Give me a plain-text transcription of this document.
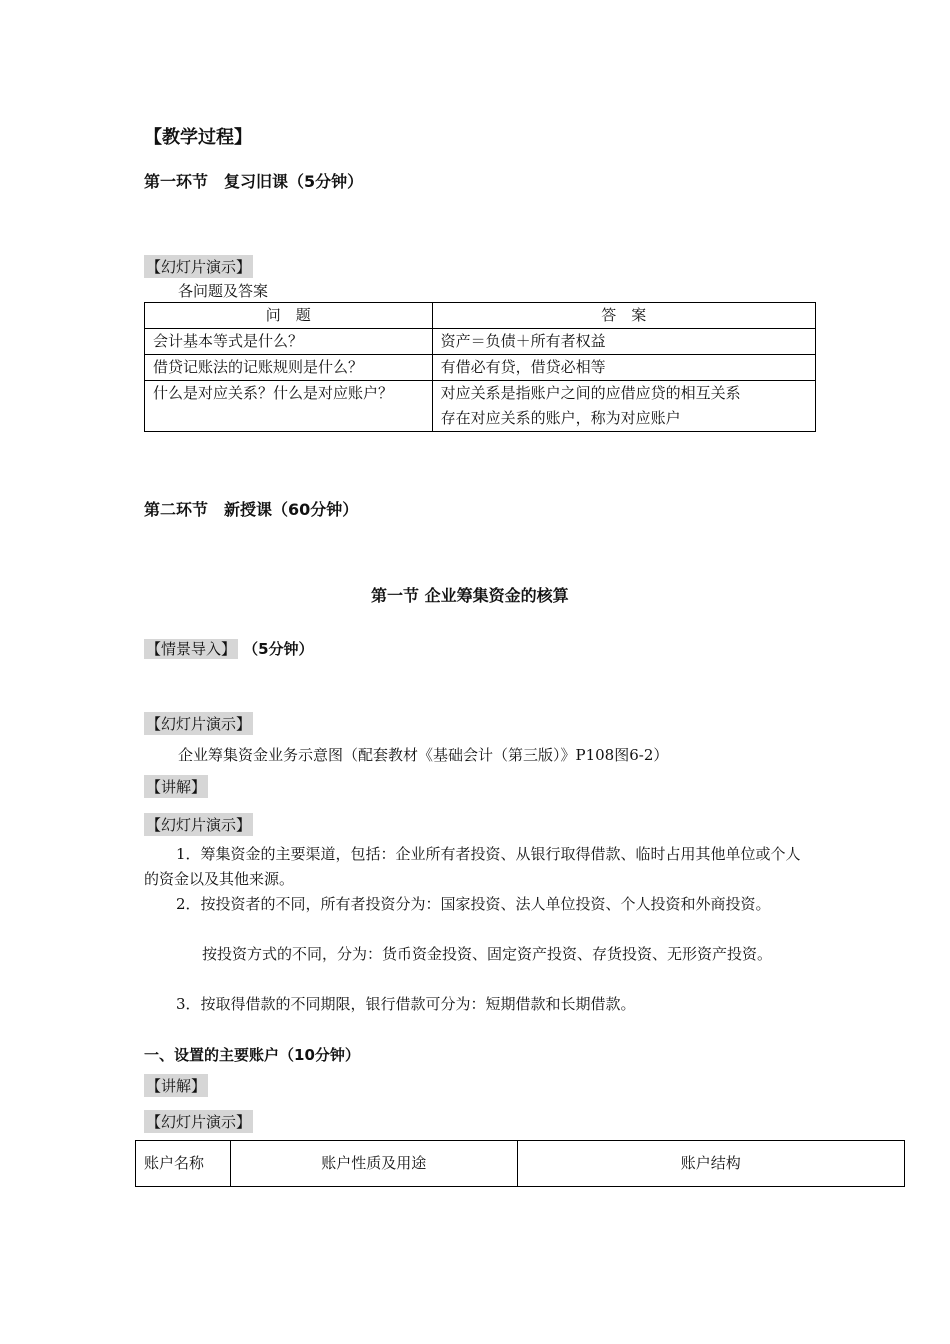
【教学过程】
第一环节　复习旧课（5分钟）
【幻灯片演示】
各问题及答案
问　题	答　案
会计基本等式是什么？	资产＝负债＋所有者权益
借贷记账法的记账规则是什么？	有借必有贷，借贷必相等
什么是对应关系？什么是对应账户？	对应关系是指账户之间的应借应贷的相互关系
存在对应关系的账户，称为对应账户
第二环节　新授课（60分钟）
第一节 企业筹集资金的核算
【情景导入】 （5分钟）
【幻灯片演示】
企业筹集资金业务示意图（配套教材《基础会计（第三版）》P108图6-2）
【讲解】
【幻灯片演示】
1．筹集资金的主要渠道，包括：企业所有者投资、从银行取得借款、临时占用其他单位或个人的资金以及其他来源。
2．按投资者的不同，所有者投资分为：国家投资、法人单位投资、个人投资和外商投资。
按投资方式的不同，分为：货币资金投资、固定资产投资、存货投资、无形资产投资。
3．按取得借款的不同期限，银行借款可分为：短期借款和长期借款。
一、设置的主要账户（10分钟）
【讲解】
【幻灯片演示】
账户名称	账户性质及用途	账户结构
